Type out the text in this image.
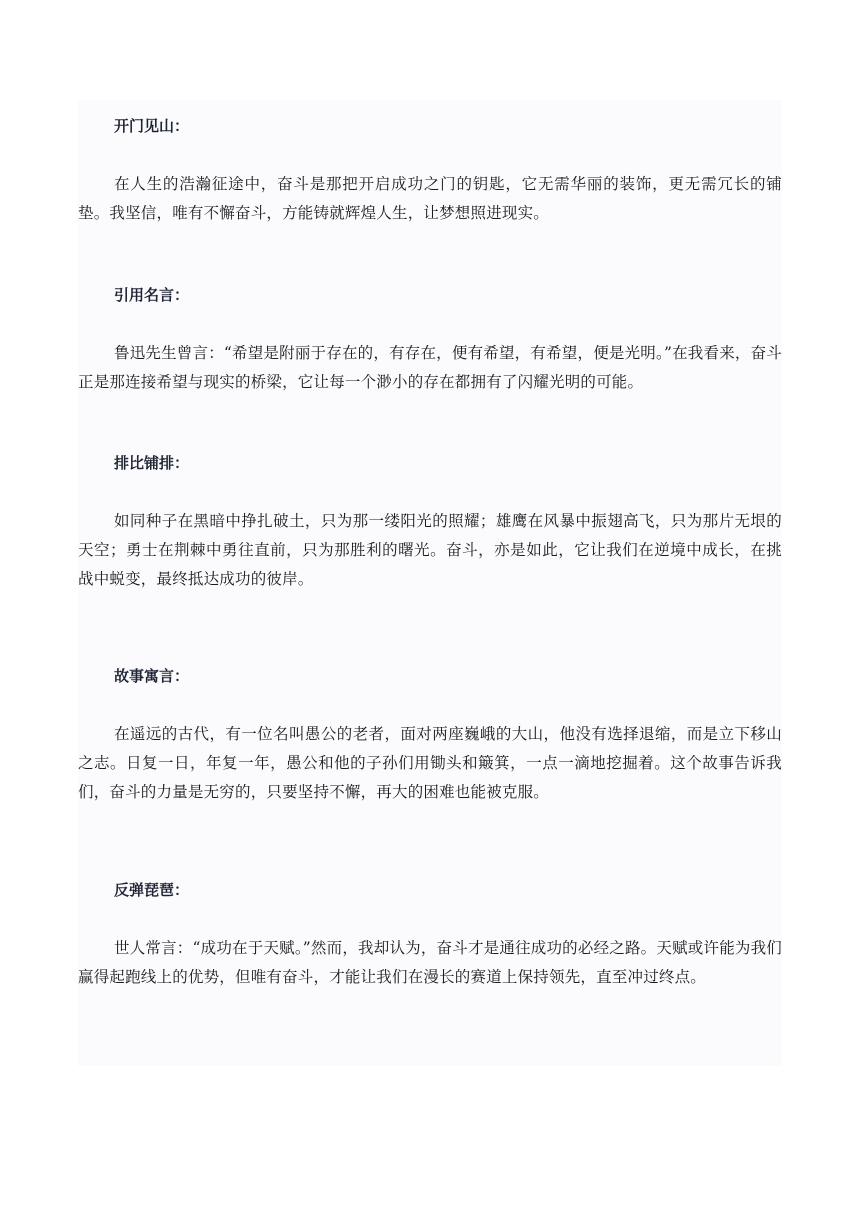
开门见山：

在人生的浩瀚征途中，奋斗是那把开启成功之门的钥匙，它无需华丽的装饰，更无需冗长的铺垫。我坚信，唯有不懈奋斗，方能铸就辉煌人生，让梦想照进现实。

引用名言：

鲁迅先生曾言：“希望是附丽于存在的，有存在，便有希望，有希望，便是光明。”在我看来，奋斗正是那连接希望与现实的桥梁，它让每一个渺小的存在都拥有了闪耀光明的可能。

排比铺排：

如同种子在黑暗中挣扎破土，只为那一缕阳光的照耀；雄鹰在风暴中振翅高飞，只为那片无垠的天空；勇士在荆棘中勇往直前，只为那胜利的曙光。奋斗，亦是如此，它让我们在逆境中成长，在挑战中蜕变，最终抵达成功的彼岸。

故事寓言：

在遥远的古代，有一位名叫愚公的老者，面对两座巍峨的大山，他没有选择退缩，而是立下移山之志。日复一日，年复一年，愚公和他的子孙们用锄头和簸箕，一点一滴地挖掘着。这个故事告诉我们，奋斗的力量是无穷的，只要坚持不懈，再大的困难也能被克服。

反弹琵琶：

世人常言：“成功在于天赋。”然而，我却认为，奋斗才是通往成功的必经之路。天赋或许能为我们赢得起跑线上的优势，但唯有奋斗，才能让我们在漫长的赛道上保持领先，直至冲过终点。
